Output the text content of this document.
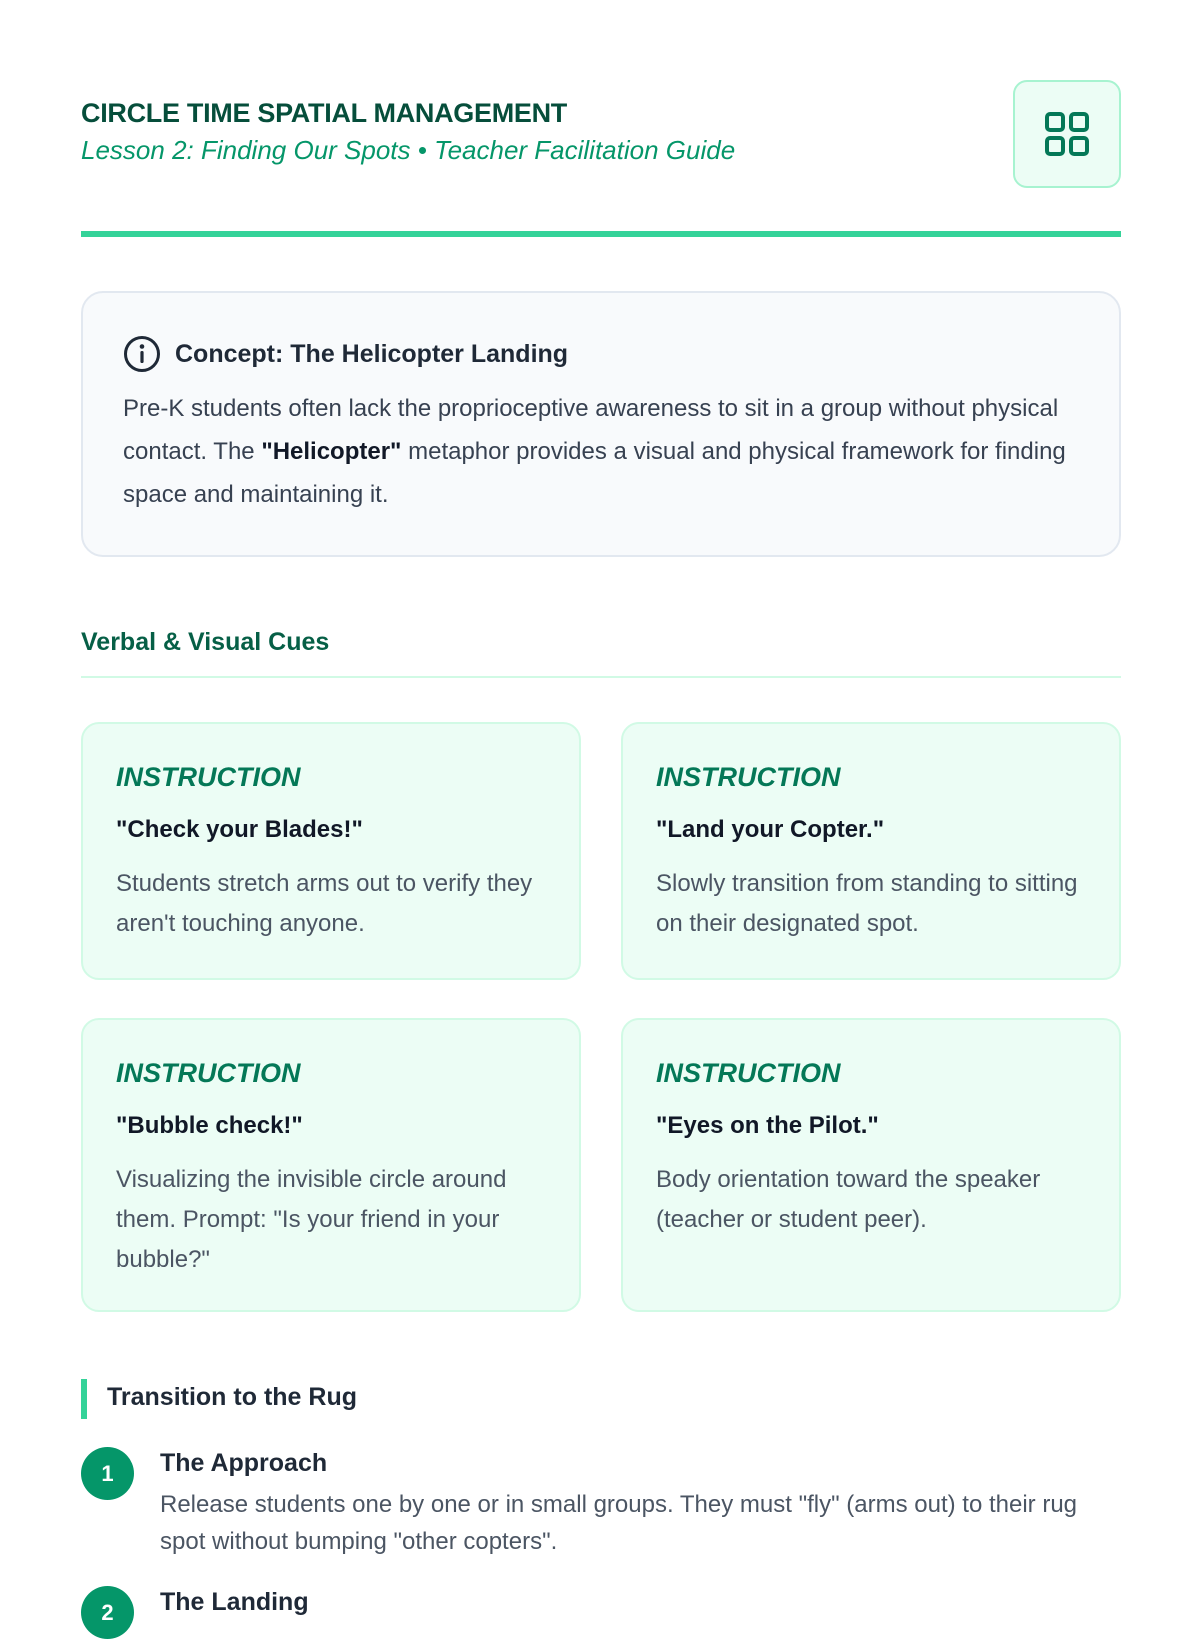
CIRCLE TIME SPATIAL MANAGEMENT
Lesson 2: Finding Our Spots • Teacher Facilitation Guide
Concept: The Helicopter Landing
Pre-K students often lack the proprioceptive awareness to sit in a group without physical contact. The "Helicopter" metaphor provides a visual and physical framework for finding space and maintaining it.
Verbal & Visual Cues
INSTRUCTION
"Check your Blades!"
Students stretch arms out to verify they aren't touching anyone.
INSTRUCTION
"Land your Copter."
Slowly transition from standing to sitting on their designated spot.
INSTRUCTION
"Bubble check!"
Visualizing the invisible circle around them. Prompt: "Is your friend in your bubble?"
INSTRUCTION
"Eyes on the Pilot."
Body orientation toward the speaker (teacher or student peer).
Transition to the Rug
1	The Approach
Release students one by one or in small groups. They must "fly" (arms out) to their rug spot without bumping "other copters".
2	The Landing
